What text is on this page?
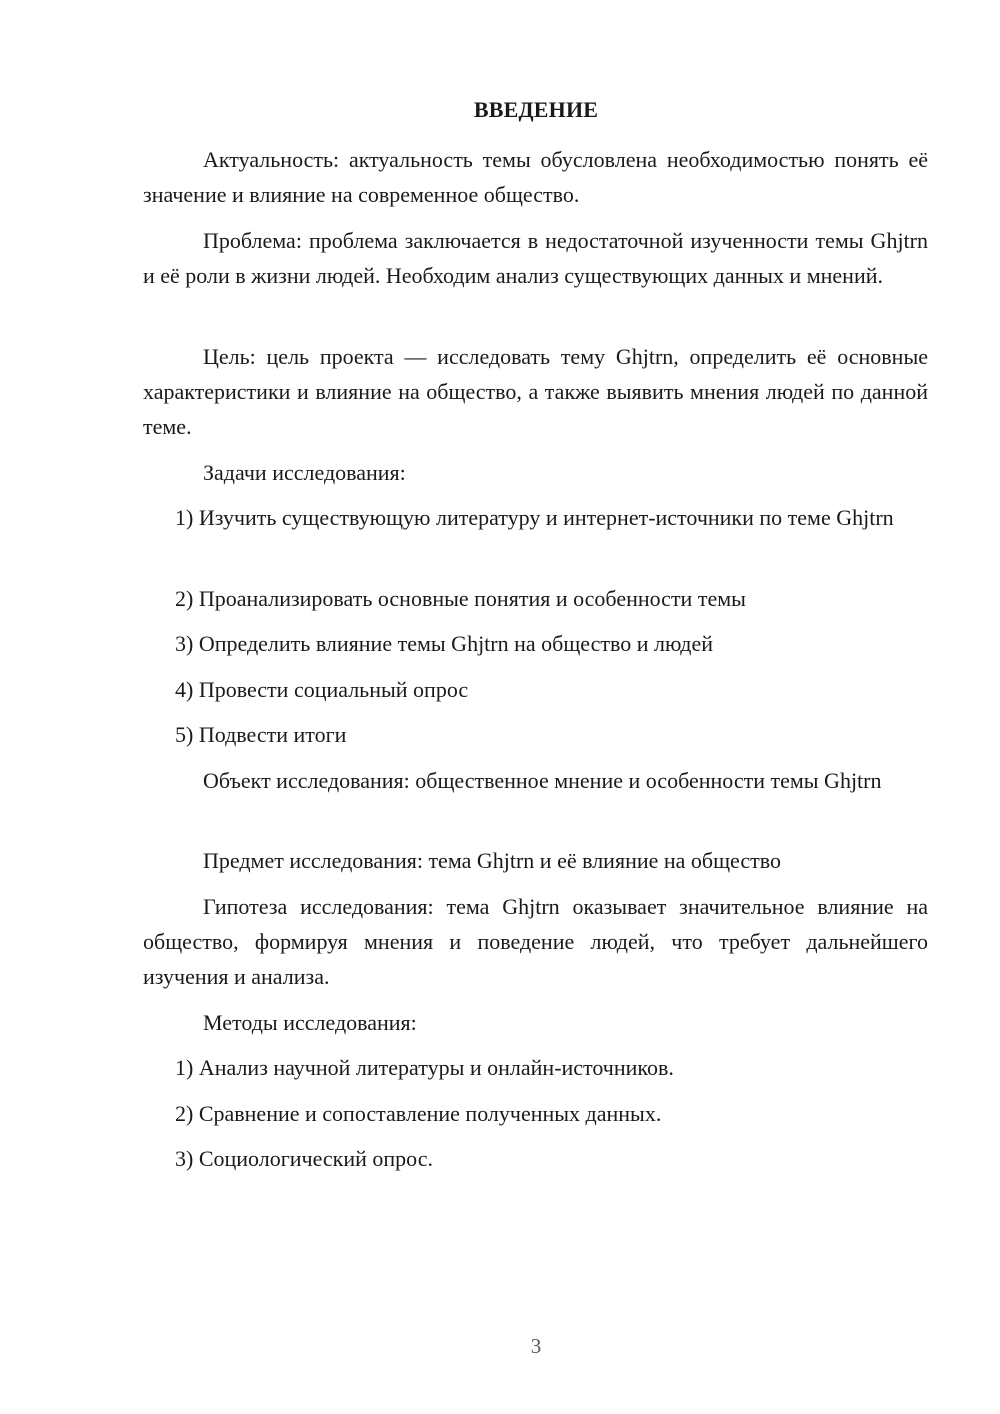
ВВЕДЕНИЕ

Актуальность: актуальность темы обусловлена необходимостью понять её значение и влияние на современное общество.

Проблема: проблема заключается в недостаточной изученности темы Ghjtrn и её роли в жизни людей. Необходим анализ существующих данных и мнений.

Цель: цель проекта — исследовать тему Ghjtrn, определить её основные характеристики и влияние на общество, а также выявить мнения людей по данной теме.

Задачи исследования:

1) Изучить существующую литературу и интернет-источники по теме Ghjtrn

2) Проанализировать основные понятия и особенности темы

3) Определить влияние темы Ghjtrn на общество и людей

4) Провести социальный опрос

5) Подвести итоги

Объект исследования: общественное мнение и особенности темы Ghjtrn

Предмет исследования: тема Ghjtrn и её влияние на общество

Гипотеза исследования: тема Ghjtrn оказывает значительное влияние на общество, формируя мнения и поведение людей, что требует дальнейшего изучения и анализа.

Методы исследования:

1) Анализ научной литературы и онлайн-источников.

2) Сравнение и сопоставление полученных данных.

3) Социологический опрос.

3
